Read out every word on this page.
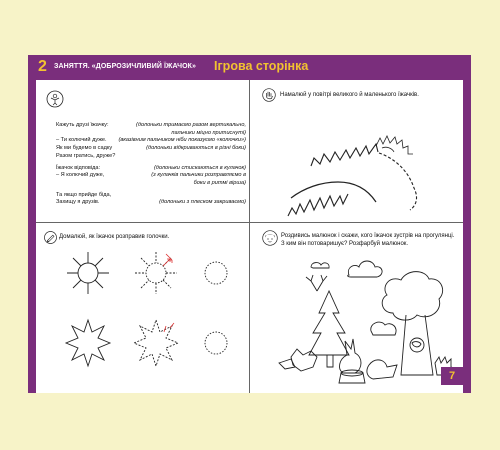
2 ЗАНЯТТЯ. «ДОБРОЗИЧЛИВИЙ ЇЖАЧОК» Ігрова сторінка
Кажуть друзі їжачку:	(долоньки тримаємо разом вертикально,
пальчики міцно притиснуті)
– Ти колючий дуже. (вказівним пальчиком ніби показуємо «колючки»)
Як ми будемо в садку	(долоньки відкриваються в різні боки)
Разом гратись, друже?
Їжачок відповіда:	(долоньки стискаються в кулачок)
– Я колючий дуже,	(з кулачків пальчики розправляємо в
боки в ритмі вірша)
Та якщо прийде біда,
Захищу я друзів.	(долоньки з плеском закриваємо)
Намалюй у повітрі великого й маленького їжачків.
Домалюй, як їжачок розправив голочки.	Роздивись малюнок і скажи, кого їжачок зустрів на прогулянці.
З ким він потоваришує? Розфарбуй малюнок.
7
